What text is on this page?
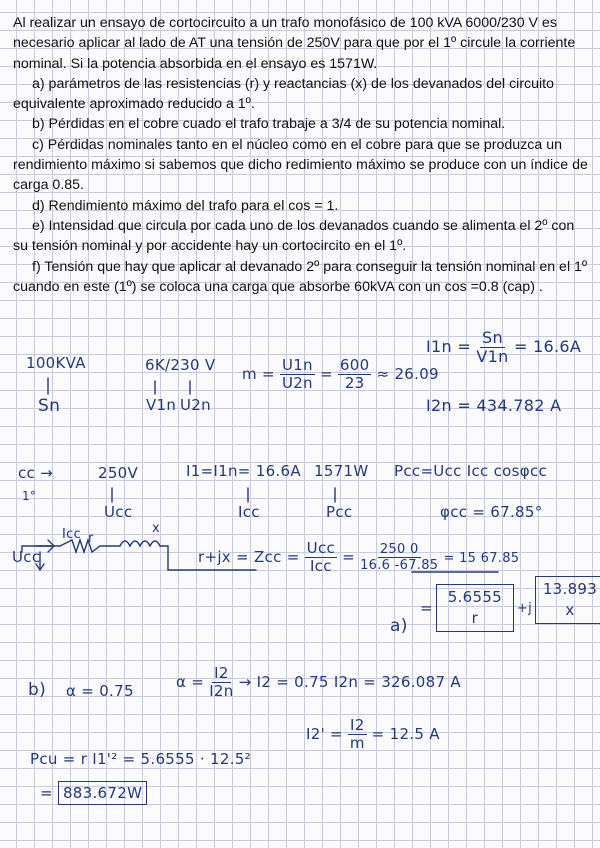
Al realizar un ensayo de cortocircuito a un trafo monofásico de 100 kVA 6000/230 V es necesario aplicar al lado de AT una tensión de 250V para que por el 1º circule la corriente nominal. Si la potencia absorbida en el ensayo es 1571W.

a) parámetros de las resistencias (r) y reactancias (x) de los devanados del circuito equivalente aproximado reducido a 1º.

b) Pérdidas en el cobre cuado el trafo trabaje a 3/4 de su potencia nominal.

c) Pérdidas nominales tanto en el núcleo como en el cobre para que se produzca un rendimiento máximo si sabemos que dicho redimiento máximo se produce con un índice de carga 0.85.

d) Rendimiento máximo del trafo para el cos = 1.

e) Intensidad que circula por cada uno de los devanados cuando se alimenta el 2º con su tensión nominal y por accidente hay un cortocircito en el 1º.

f) Tensión que hay que aplicar al devanado 2º para conseguir la tensión nominal en el 1º cuando en este (1º) se coloca una carga que absorbe 60kVA con un cos =0.8 (cap) .

100KVA
Sn
6K/230 V
V1n U2n
$m = \frac{U1n}{U2n} = \frac{600}{23} \approx 26.09$
$I1n = \frac{Sn}{V1n} = 16.6A$
I2n = 434.782 A
cc →
1°
250V
Ucc
I1=I1n= 16.6A
Icc
1571W
Pcc
Pcc=Ucc Icc cosφcc
φcc = 67.85°
Icc r
x
Ucc	r+jx = Zcc = $\frac{\text{Ucc}}{\text{Icc}} = \frac{250 0}{16.6 -67.85} = 15$ 67.85
a)
=
5.6555
r
+j
13.893
x
b) α = 0.75	$\alpha = \frac{I2}{I2n} \to I2 = 0.75$ I2n = 326.087 A
$I2' = \frac{I2}{m} = 12.5$ A
Pcu = r I1'² = 5.6555 · 12.5²
= 883.672W
